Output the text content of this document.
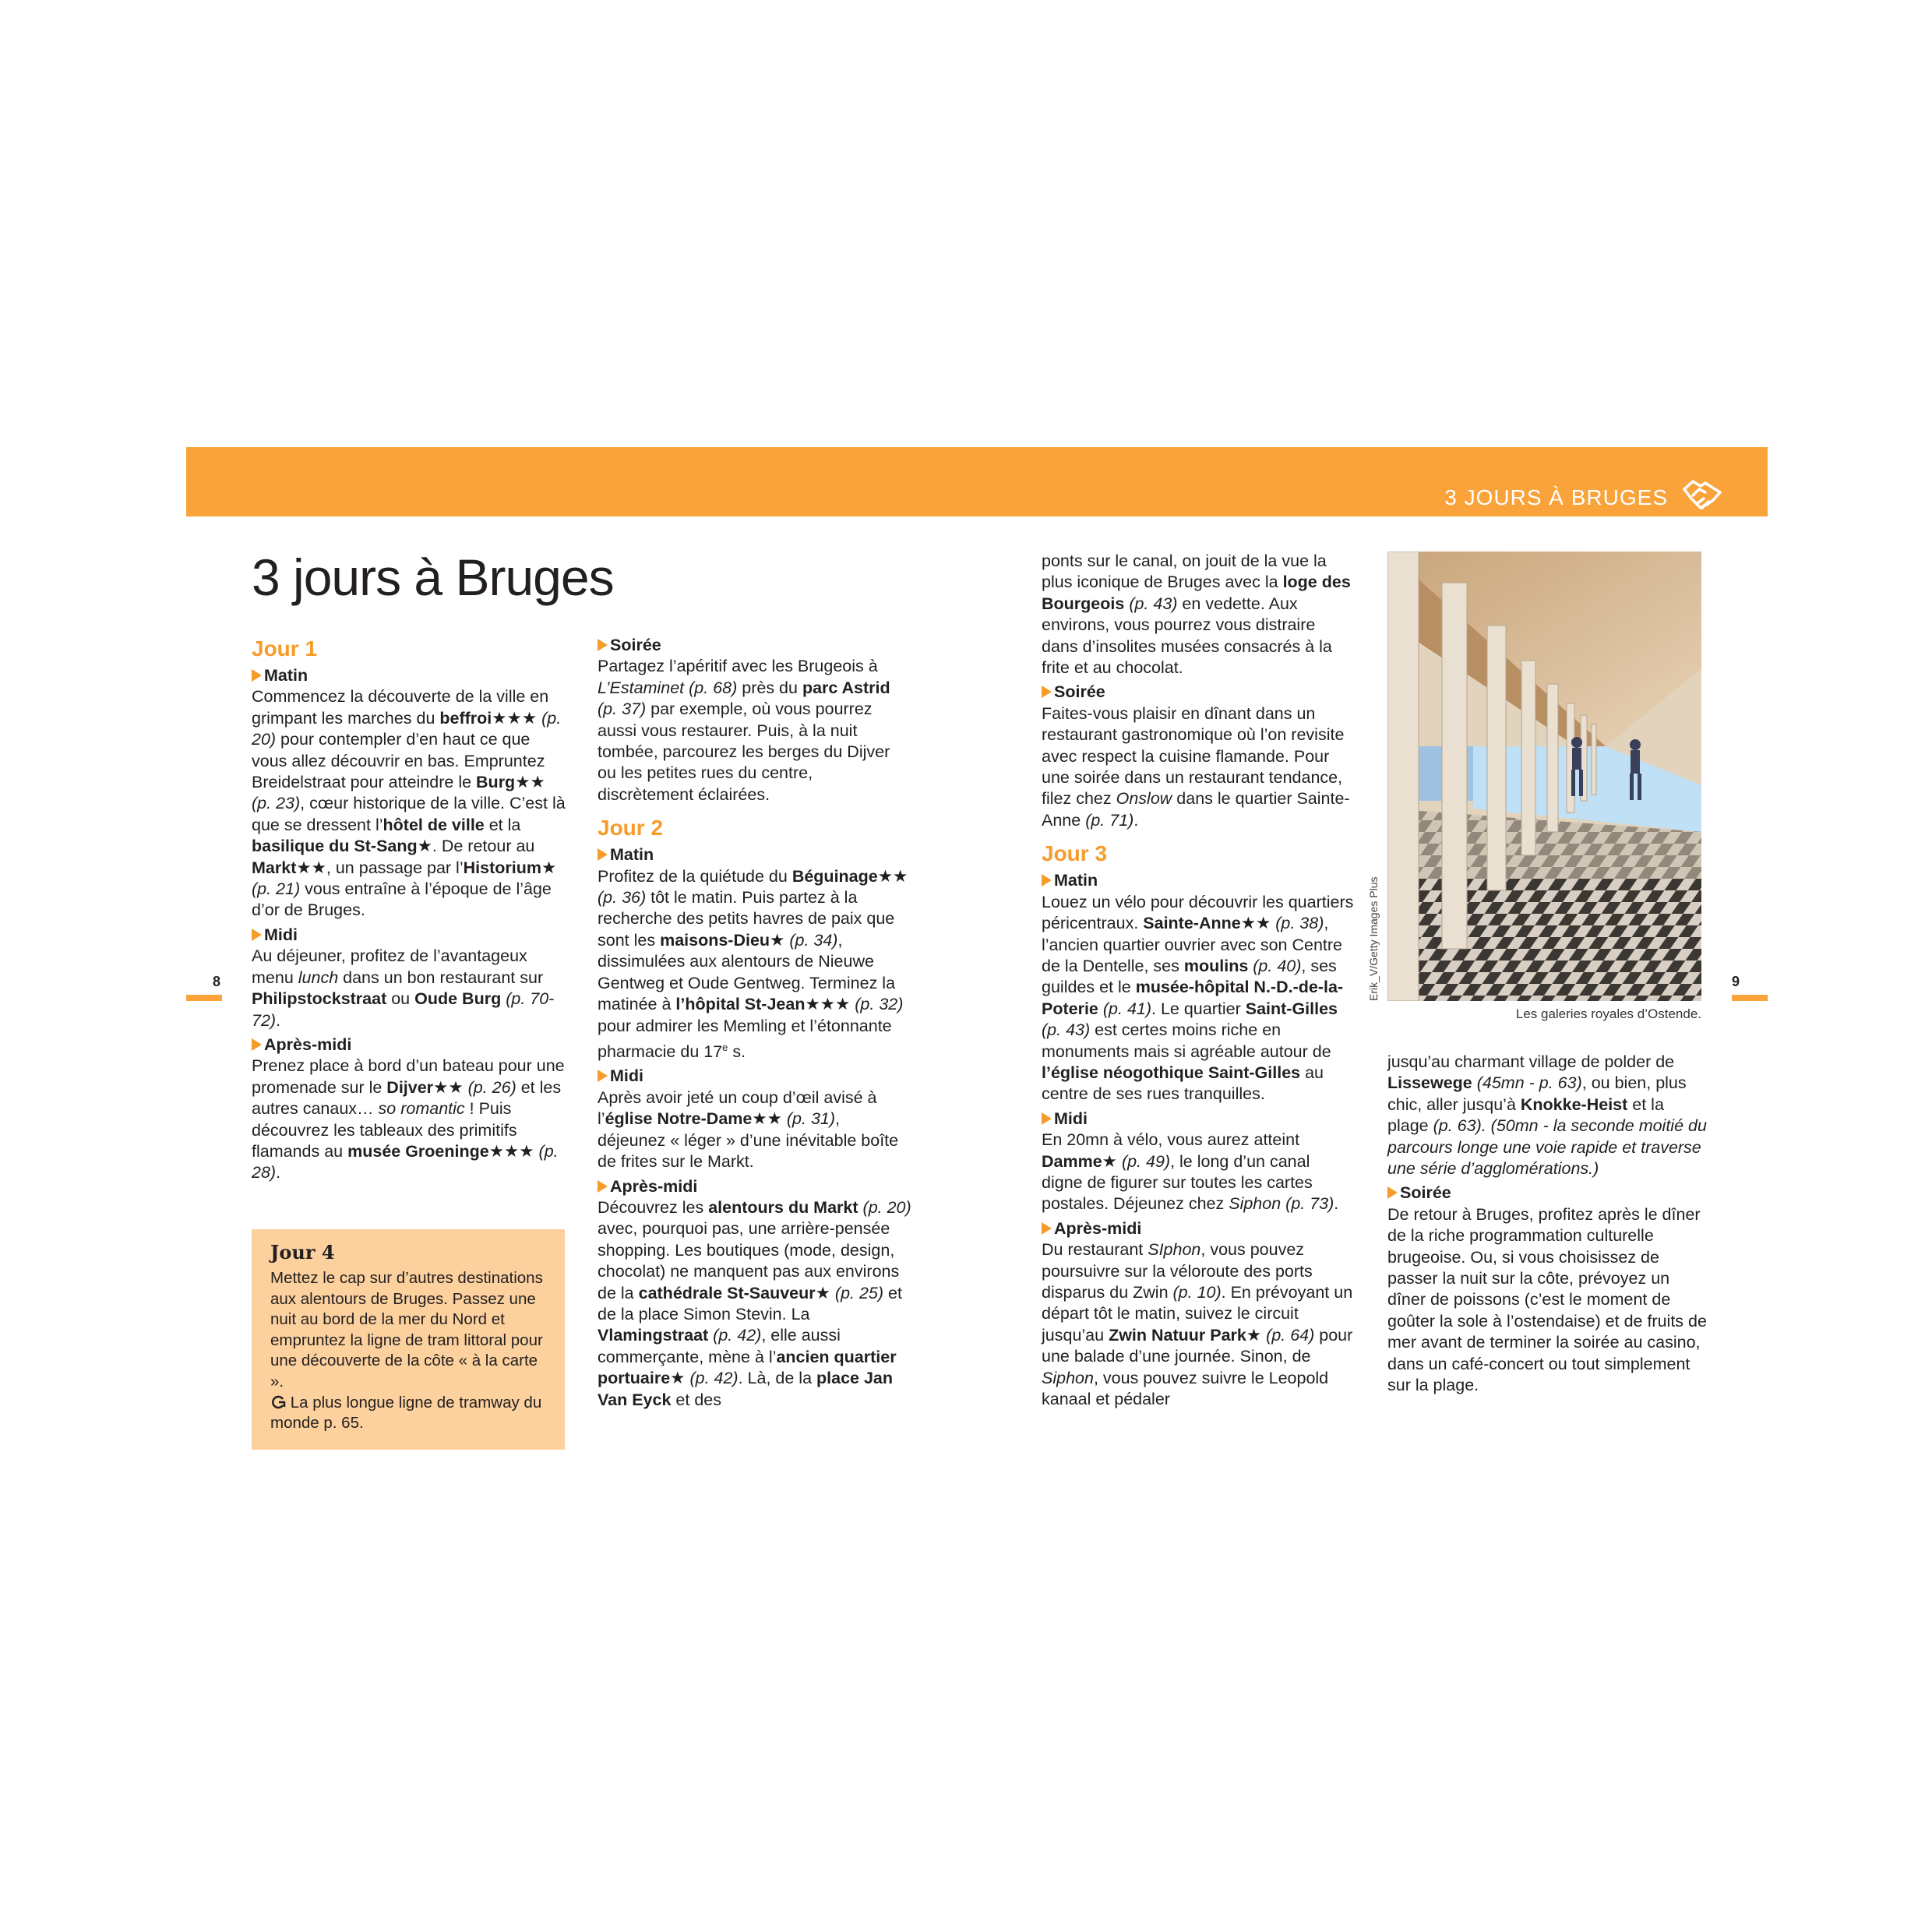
3 JOURS À BRUGES
8	9
3 jours à Bruges
Jour 1
Matin

Commencez la découverte de la ville en grimpant les marches du beffroi★★★ (p. 20) pour contempler d’en haut ce que vous allez découvrir en bas. Empruntez Breidelstraat pour atteindre le Burg★★ (p. 23), cœur historique de la ville. C’est là que se dressent l’hôtel de ville et la basilique du St-Sang★. De retour au Markt★★, un passage par l’Historium★ (p. 21) vous entraîne à l’époque de l’âge d’or de Bruges.

Midi

Au déjeuner, profitez de l’avantageux menu lunch dans un bon restaurant sur Philipstockstraat ou Oude Burg (p. 70-72).

Après-midi

Prenez place à bord d’un bateau pour une promenade sur le Dijver★★ (p. 26) et les autres canaux… so romantic ! Puis découvrez les tableaux des primitifs flamands au musée Groeninge★★★ (p. 28).

Jour 4

Mettez le cap sur d’autres destinations aux alentours de Bruges. Passez une nuit au bord de la mer du Nord et empruntez la ligne de tram littoral pour une découverte de la côte « à la carte ».

La plus longue ligne de tramway du monde p. 65.

Soirée

Partagez l’apéritif avec les Brugeois à L’Estaminet (p. 68) près du parc Astrid (p. 37) par exemple, où vous pourrez aussi vous restaurer. Puis, à la nuit tombée, parcourez les berges du Dijver ou les petites rues du centre, discrètement éclairées.

Jour 2
Matin

Profitez de la quiétude du Béguinage★★ (p. 36) tôt le matin. Puis partez à la recherche des petits havres de paix que sont les maisons-Dieu★ (p. 34), dissimulées aux alentours de Nieuwe Gentweg et Oude Gentweg. Terminez la matinée à l’hôpital St-Jean★★★ (p. 32) pour admirer les Memling et l’étonnante pharmacie du 17e s.

Midi

Après avoir jeté un coup d’œil avisé à l’église Notre-Dame★★ (p. 31), déjeunez « léger » d’une inévitable boîte de frites sur le Markt.

Après-midi

Découvrez les alentours du Markt (p. 20) avec, pourquoi pas, une arrière-pensée shopping. Les boutiques (mode, design, chocolat) ne manquent pas aux environs de la cathédrale St-Sauveur★ (p. 25) et de la place Simon Stevin. La Vlamingstraat (p. 42), elle aussi commerçante, mène à l’ancien quartier portuaire★ (p. 42). Là, de la place Jan Van Eyck et des

ponts sur le canal, on jouit de la vue la plus iconique de Bruges avec la loge des Bourgeois (p. 43) en vedette. Aux environs, vous pourrez vous distraire dans d’insolites musées consacrés à la frite et au chocolat.

Soirée

Faites-vous plaisir en dînant dans un restaurant gastronomique où l’on revisite avec respect la cuisine flamande. Pour une soirée dans un restaurant tendance, filez chez Onslow dans le quartier Sainte-Anne (p. 71).

Jour 3
Matin

Louez un vélo pour découvrir les quartiers péricentraux. Sainte-Anne★★ (p. 38), l’ancien quartier ouvrier avec son Centre de la Dentelle, ses moulins (p. 40), ses guildes et le musée-hôpital N.-D.-de-la-Poterie (p. 41). Le quartier Saint-Gilles (p. 43) est certes moins riche en monuments mais si agréable autour de l’église néogothique Saint-Gilles au centre de ses rues tranquilles.

Midi

En 20mn à vélo, vous aurez atteint Damme★ (p. 49), le long d’un canal digne de figurer sur toutes les cartes postales. Déjeunez chez Siphon (p. 73).

Après-midi

Du restaurant SIphon, vous pouvez poursuivre sur la véloroute des ports disparus du Zwin (p. 10). En prévoyant un départ tôt le matin, suivez le circuit jusqu’au Zwin Natuur Park★ (p. 64) pour une balade d’une journée. Sinon, de Siphon, vous pouvez suivre le Leopold kanaal et pédaler

Erik_V/Getty Images Plus
Les galeries royales d’Ostende.

jusqu’au charmant village de polder de Lissewege (45mn - p. 63), ou bien, plus chic, aller jusqu’à Knokke-Heist et la plage (p. 63). (50mn - la seconde moitié du parcours longe une voie rapide et traverse une série d’agglomérations.)

Soirée

De retour à Bruges, profitez après le dîner de la riche programmation culturelle brugeoise. Ou, si vous choisissez de passer la nuit sur la côte, prévoyez un dîner de poissons (c’est le moment de goûter la sole à l’ostendaise) et de fruits de mer avant de terminer la soirée au casino, dans un café-concert ou tout simplement sur la plage.
